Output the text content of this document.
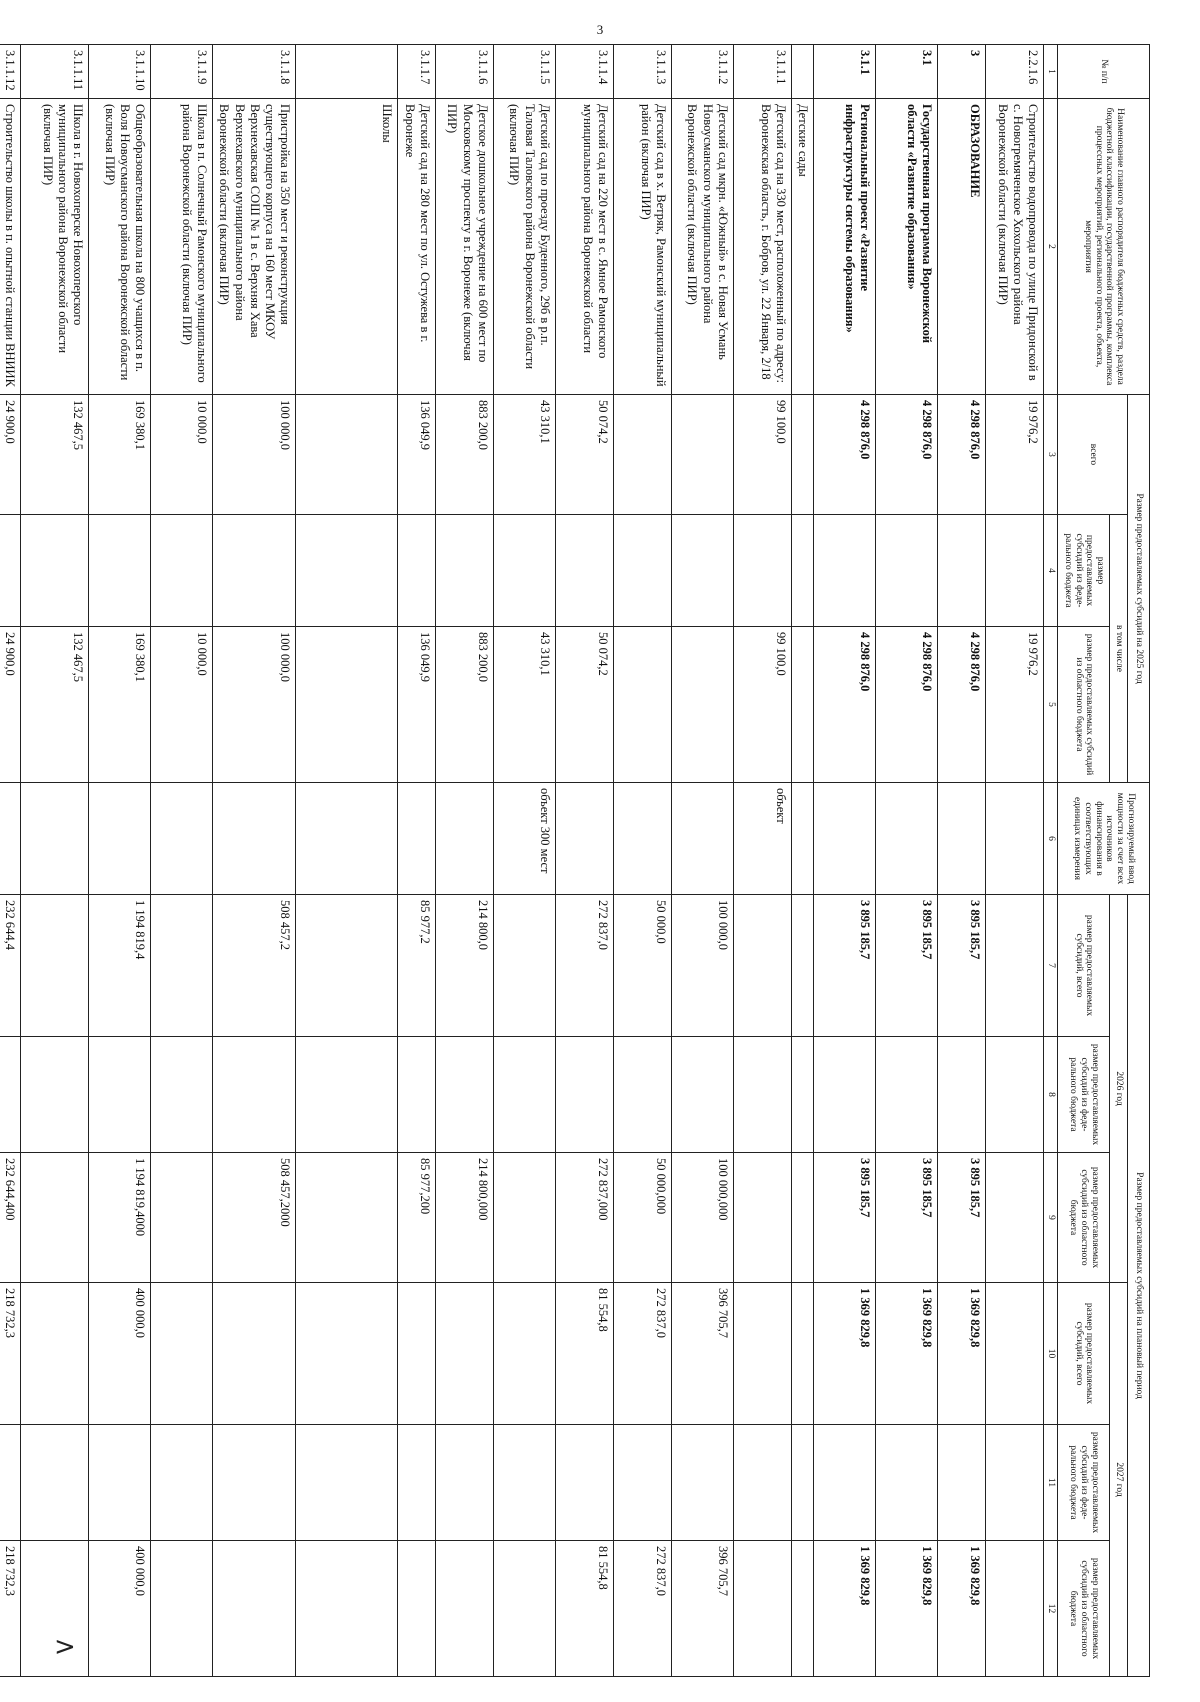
3
>
№ п/п	Наименование главного распорядителя бюджетных средств, раздела бюджетной классификации, государственной программы, комплекса процессных мероприятий, регионального проекта, объекта, мероприятия	Размер предоставляемых субсидий на 2025 год			Прогнозируемый ввод мощности за счет всех источников финансирования в соответствующих единицах измерения	Размер предоставляемых субсидий на плановый период					
		всего	в том числе			2026 год			2027 год		
			размер предоставляемых субсидий из феде-рального бюджета	размер предоставляемых субсидий из областного бюджета		размер предоставляемых субсидий, всего	размер предоставляемых субсидий из феде-рального бюджета	размер предоставляемых субсидий из областного бюджета	размер предоставляемых субсидий, всего	размер предоставляемых субсидий из феде-рального бюджета	размер предоставляемых субсидий из областного бюджета

1	2	3	4	5	6	7	8	9	10	11	12
2.2.1.6	Строительство водопровода по улице Придонской в с. Новогремяченское Хохольского района Воронежской области (включая ПИР)	19 976,2		19 976,2							
3	ОБРАЗОВАНИЕ	4 298 876,0		4 298 876,0		3 895 185,7		3 895 185,7	1 369 829,8		1 369 829,8
3.1	Государственная программа Воронежской области «Развитие образования»	4 298 876,0		4 298 876,0		3 895 185,7		3 895 185,7	1 369 829,8		1 369 829,8
3.1.1	Региональный проект «Развитие инфраструктуры системы образования»	4 298 876,0		4 298 876,0		3 895 185,7		3 895 185,7	1 369 829,8		1 369 829,8
	Детские сады										
3.1.1.1	Детский сад на 330 мест, расположенный по адресу: Воронежская область, г. Бобров, ул. 22 Января, 2/18	99 100,0		99 100,0	объект						
3.1.1.2	Детский сад мкрн. «Южный» в с. Новая Усмань Новоусманского муниципального района Воронежской области (включая ПИР)					100 000,0		100 000,000	396 705,7		396 705,7
3.1.1.3	Детский сад в х. Ветряк, Рамонский муниципальный район (включая ПИР)					50 000,0		50 000,000	272 837,0		272 837,0
3.1.1.4	Детский сад на 220 мест в с. Ямное Рамонского муниципального района Воронежской области	50 074,2		50 074,2		272 837,0		272 837,000	81 554,8		81 554,8
3.1.1.5	Детский сад по проезду Буденного, 29б в р.п. Таловая Таловского района Воронежской области (включая ПИР)	43 310,1		43 310,1	объект 300 мест						
3.1.1.6	Детское дошкольное учреждение на 600 мест по Московскому проспекту в г. Воронеже (включая ПИР)	883 200,0		883 200,0		214 800,0		214 800,000			
3.1.1.7	Детский сад на 280 мест по ул. Остужева в г. Воронеже	136 049,9		136 049,9		85 977,2		85 977,200			
	Школы										
3.1.1.8	Пристройка на 350 мест и реконструкция существующего корпуса на 160 мест МКОУ Верхнехавская СОШ № 1 в с. Верхняя Хава Верхнехавского муниципального района Воронежской области (включая ПИР)	100 000,0		100 000,0		508 457,2		508 457,2000			
3.1.1.9	Школа в п. Солнечный Рамонского муниципального района Воронежской области (включая ПИР)	10 000,0		10 000,0							
3.1.1.10	Общеобразовательная школа на 800 учащихся в п. Воля Новоусманского района Воронежской области (включая ПИР)	169 380,1		169 380,1		1 194 819,4		1 194 819,4000	400 000,0		400 000,0
3.1.1.11	Школа в г. Новохоперске Новохоперского муниципального района Воронежской области (включая ПИР)	132 467,5		132 467,5							
3.1.1.12	Строительство школы в п. опытной станции ВНИИК	24 900,0		24 900,0		232 644,4		232 644,400	218 732,3		218 732,3
